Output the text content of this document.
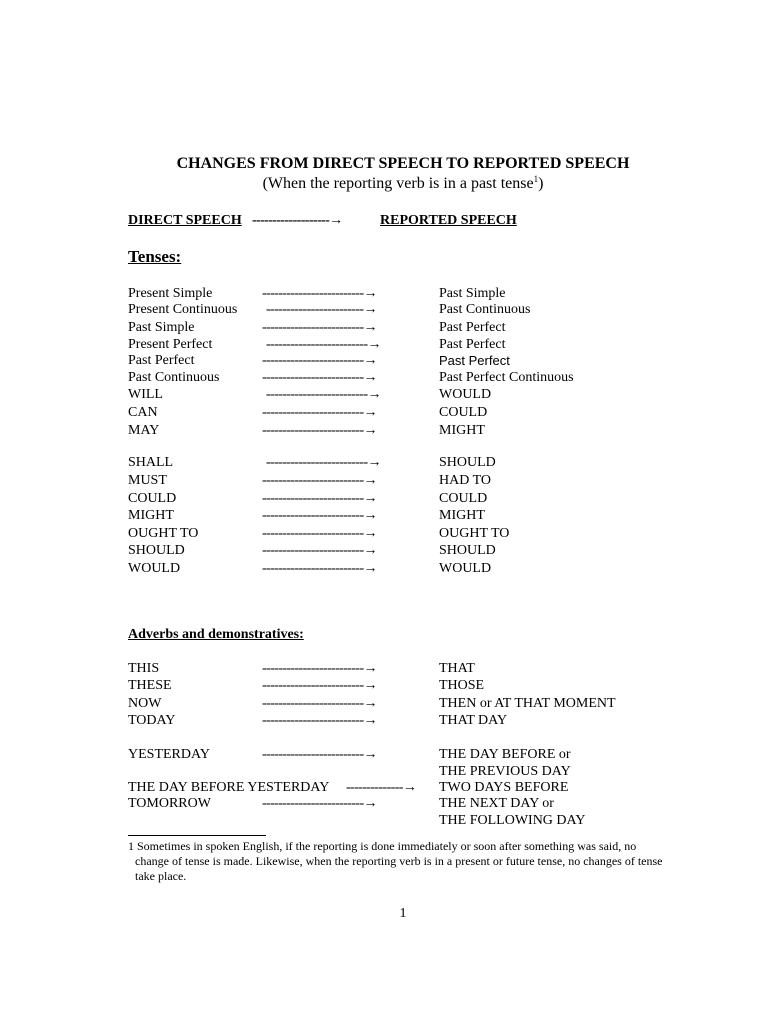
CHANGES FROM DIRECT SPEECH TO REPORTED SPEECH
(When the reporting verb is in a past tense$^1$)
DIRECT SPEECH -------------------→	REPORTED SPEECH
Tenses:
Present Simple	-------------------------→	Past Simple
Present Continuous ------------------------→	Past Continuous
Past Simple	-------------------------→	Past Perfect
Present Perfect	-------------------------→	Past Perfect
Past Perfect	-------------------------→	Past Perfect
Past Continuous	-------------------------→	Past Perfect Continuous
WILL	-------------------------→	WOULD
CAN	-------------------------→	COULD
MAY	-------------------------→	MIGHT
SHALL	-------------------------→	SHOULD
MUST	-------------------------→	HAD TO
COULD	-------------------------→	COULD
MIGHT	-------------------------→	MIGHT
OUGHT TO	-------------------------→	OUGHT TO
SHOULD	-------------------------→	SHOULD
WOULD	-------------------------→	WOULD
Adverbs and demonstratives:
THIS	-------------------------→	THAT
THESE	-------------------------→	THOSE
NOW	-------------------------→	THEN or AT THAT MOMENT
TODAY	-------------------------→	THAT DAY
YESTERDAY	-------------------------→	THE DAY BEFORE or
THE PREVIOUS DAY
THE DAY BEFORE YESTERDAY --------------→ TWO DAYS BEFORE
TOMORROW	-------------------------→	THE NEXT DAY or
THE FOLLOWING DAY
1 Sometimes in spoken English, if the reporting is done immediately or soon after something was said, no
change of tense is made. Likewise, when the reporting verb is in a present or future tense, no changes of tense
take place.
1
